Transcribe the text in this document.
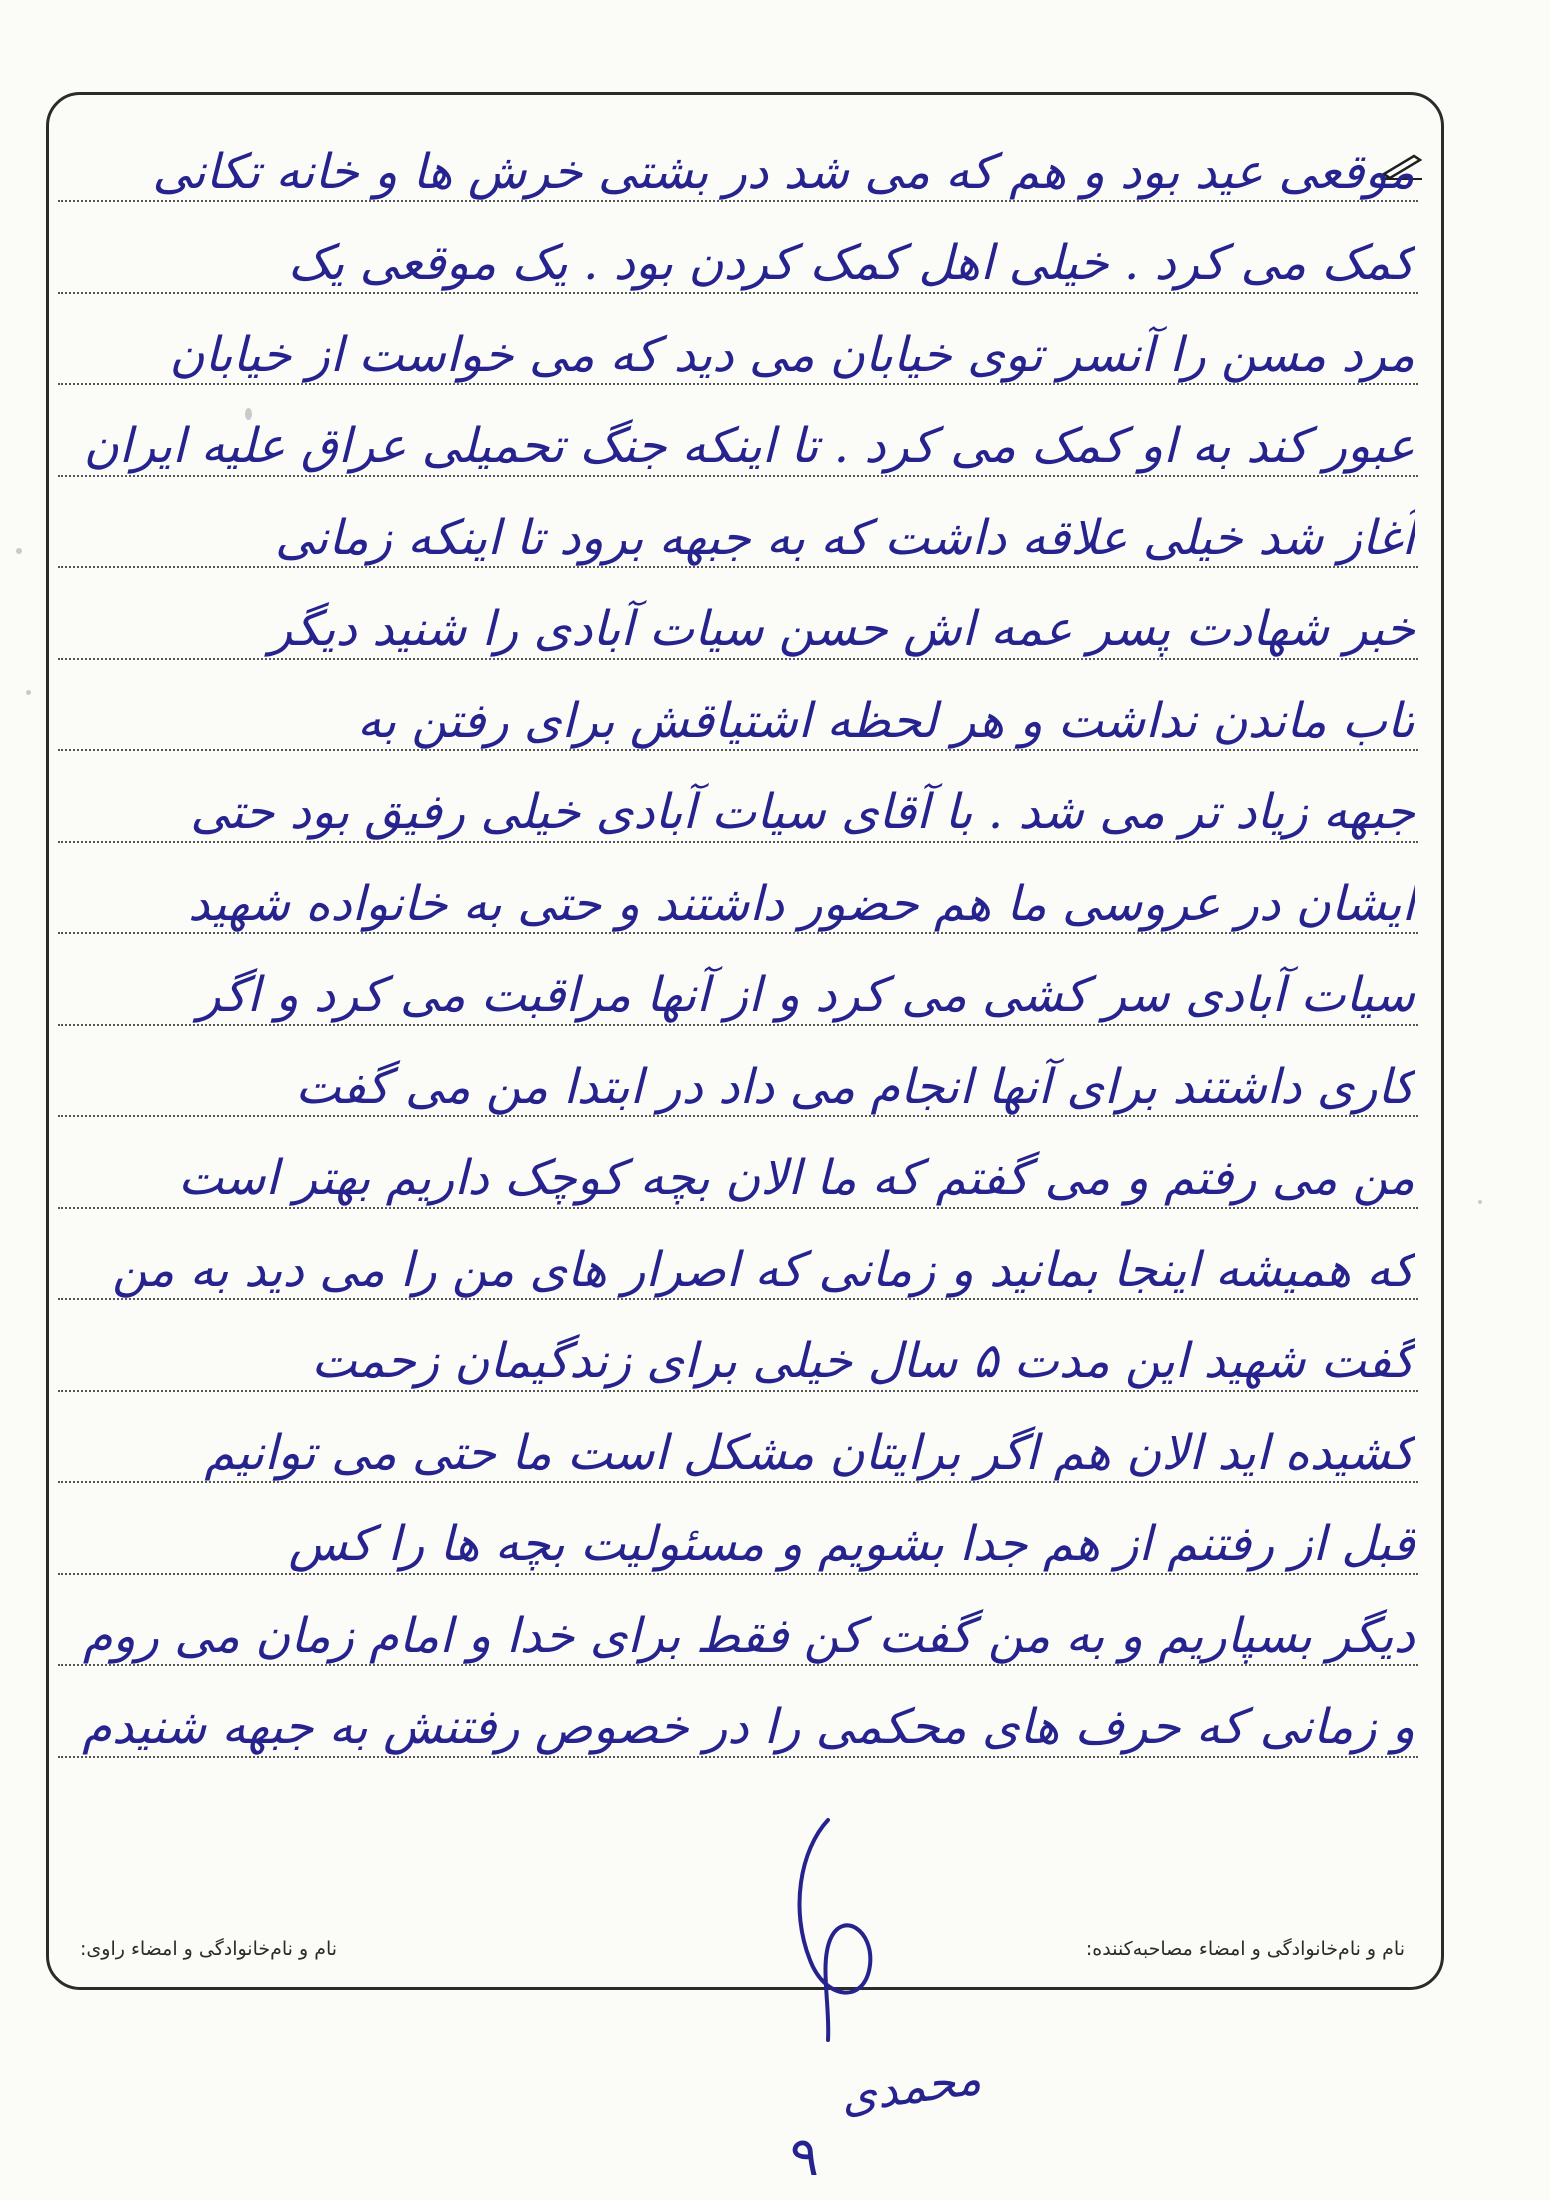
موقعی عید بود و هم که می شد در بشتی خرش ها و خانه تکانی
کمک می کرد . خیلی اهل کمک کردن بود . یک موقعی یک
مرد مسن را آنسر توی خیابان می دید که می خواست از خیابان
عبور کند به او کمک می کرد . تا اینکه جنگ تحمیلی عراق علیه ایران
آغاز شد خیلی علاقه داشت که به جبهه برود تا اینکه زمانی
خبر شهادت پسر عمه اش حسن سیات آبادی را شنید دیگر
تاب ماندن نداشت و هر لحظه اشتیاقش برای رفتن به
جبهه زیاد تر می شد . با آقای سیات آبادی خیلی رفیق بود حتی
ایشان در عروسی ما هم حضور داشتند و حتی به خانواده شهید
سیات آبادی سر کشی می کرد و از آنها مراقبت می کرد و اگر
کاری داشتند برای آنها انجام می داد در ابتدا من می گفت
من می رفتم و می گفتم که ما الان بچه کوچک داریم بهتر است
که همیشه اینجا بمانید و زمانی که اصرار های من را می دید به من
گفت شهید این مدت ۵ سال خیلی برای زندگیمان زحمت
کشیده اید الان هم اگر برایتان مشکل است ما حتی می توانیم
قبل از رفتنم از هم جدا بشویم و مسئولیت بچه ها را کس
دیگر بسپاریم و به من گفت کن فقط برای خدا و امام زمان می روم
و زمانی که حرف های محکمی را در خصوص رفتنش به جبهه شنیدم
نام و نام‌خانوادگی و امضاء مصاحبه‌کننده:
نام و نام‌خانوادگی و امضاء راوی:
محمدی
۹
